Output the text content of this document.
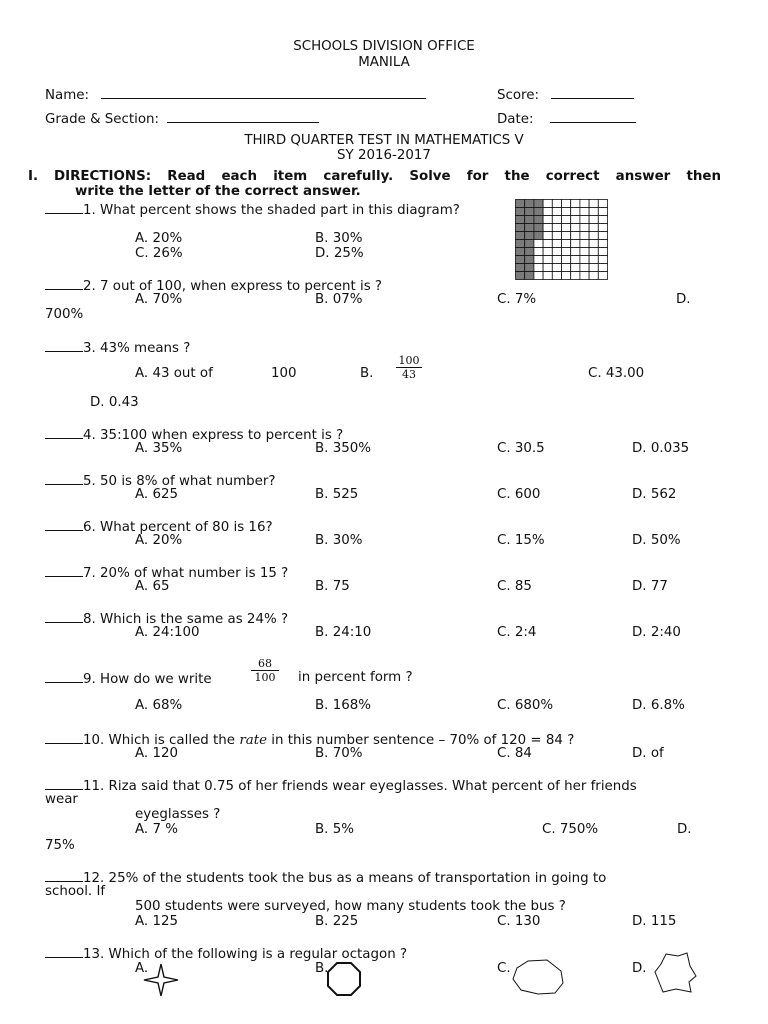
SCHOOLS DIVISION OFFICE
MANILA
Name:	Score:
Grade & Section:	Date:
THIRD QUARTER TEST IN MATHEMATICS V
SY 2016-2017
I. DIRECTIONS: Read each item carefully. Solve for the correct answer then
write the letter of the correct answer.
1. What percent shows the shaded part in this diagram?
A. 20%	B. 30%
C. 26%	D. 25%
2. 7 out of 100, when express to percent is ?
A. 70%	B. 07%	C. 7%	D.
700%
3. 43% means ?
A. 43 out of	100	B. $\frac{100}{43}$	C. 43.00
D. 0.43
4. 35:100 when express to percent is ?
A. 35%	B. 350%	C. 30.5	D. 0.035
5. 50 is 8% of what number?
A. 625	B. 525	C. 600	D. 562
6. What percent of 80 is 16?
A. 20%	B. 30%	C. 15%	D. 50%
7. 20% of what number is 15 ?
A. 65	B. 75	C. 85	D. 77
8. Which is the same as 24% ?
A. 24:100	B. 24:10	C. 2:4	D. 2:40
9. How do we write	$\frac{68}{100}$ in percent form ?
A. 68%	B. 168%	C. 680%	D. 6.8%
10. Which is called the rate in this number sentence – 70% of 120 = 84 ?
A. 120	B. 70%	C. 84	D. of
11. Riza said that 0.75 of her friends wear eyeglasses. What percent of her friends
wear
eyeglasses ?
A. 7 %	B. 5%	C. 750%	D.
75%
12. 25% of the students took the bus as a means of transportation in going to
school. If
500 students were surveyed, how many students took the bus ?
A. 125	B. 225	C. 130	D. 115
13. Which of the following is a regular octagon ?
A.	B.	C.	D.
